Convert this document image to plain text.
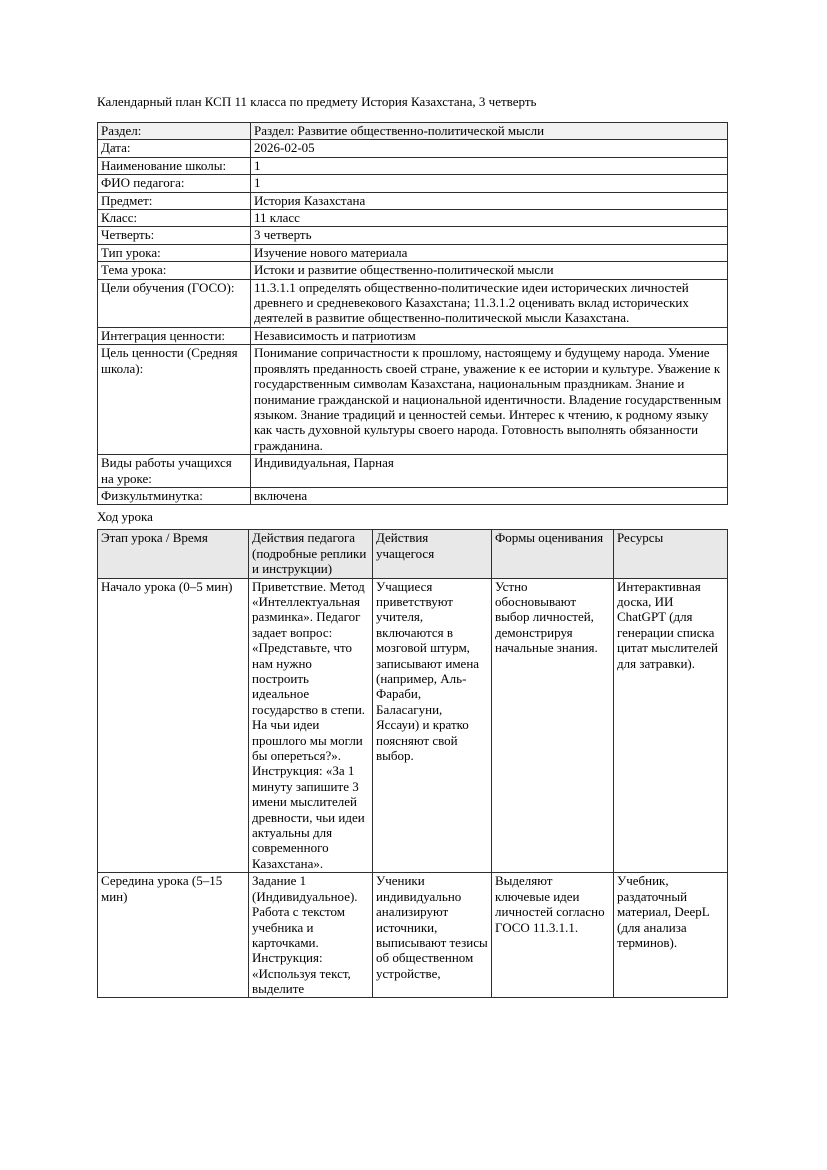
Календарный план КСП 11 класса по предмету История Казахстана, 3 четверть

Раздел:	Раздел: Развитие общественно-политической мысли
Дата:	2026-02-05
Наименование школы:	1
ФИО педагога:	1
Предмет:	История Казахстана
Класс:	11 класс
Четверть:	3 четверть
Тип урока:	Изучение нового материала
Тема урока:	Истоки и развитие общественно-политической мысли
Цели обучения (ГОСО):	11.3.1.1 определять общественно-политические идеи исторических личностей древнего и средневекового Казахстана; 11.3.1.2 оценивать вклад исторических деятелей в развитие общественно-политической мысли Казахстана.
Интеграция ценности:	Независимость и патриотизм
Цель ценности (Средняя школа):	Понимание сопричастности к прошлому, настоящему и будущему народа. Умение проявлять преданность своей стране, уважение к ее истории и культуре. Уважение к государственным символам Казахстана, национальным праздникам. Знание и понимание гражданской и национальной идентичности. Владение государственным языком. Знание традиций и ценностей семьи. Интерес к чтению, к родному языку как часть духовной культуры своего народа. Готовность выполнять обязанности гражданина.
Виды работы учащихся на уроке:	Индивидуальная, Парная
Физкультминутка:	включена

Ход урока

Этап урока / Время	Действия педагога (подробные реплики и инструкции)	Действия учащегося	Формы оценивания	Ресурсы
Начало урока (0–5 мин)	Приветствие. Метод «Интеллектуальная разминка». Педагог задает вопрос: «Представьте, что нам нужно построить идеальное государство в степи. На чьи идеи прошлого мы могли бы опереться?». Инструкция: «За 1 минуту запишите 3 имени мыслителей древности, чьи идеи актуальны для современного Казахстана».	Учащиеся приветствуют учителя, включаются в мозговой штурм, записывают имена (например, Аль-Фараби, Баласагуни, Яссауи) и кратко поясняют свой выбор.	Устно обосновывают выбор личностей, демонстрируя начальные знания.	Интерактивная доска, ИИ ChatGPT (для генерации списка цитат мыслителей для затравки).

Середина урока (5–15 мин)	Задание 1 (Индивидуальное). Работа с текстом учебника и карточками. Инструкция: «Используя текст, выделите	Ученики индивидуально анализируют источники, выписывают тезисы об общественном устройстве,	Выделяют ключевые идеи личностей согласно ГОСО 11.3.1.1.	Учебник, раздаточный материал, DeepL (для анализа терминов).
